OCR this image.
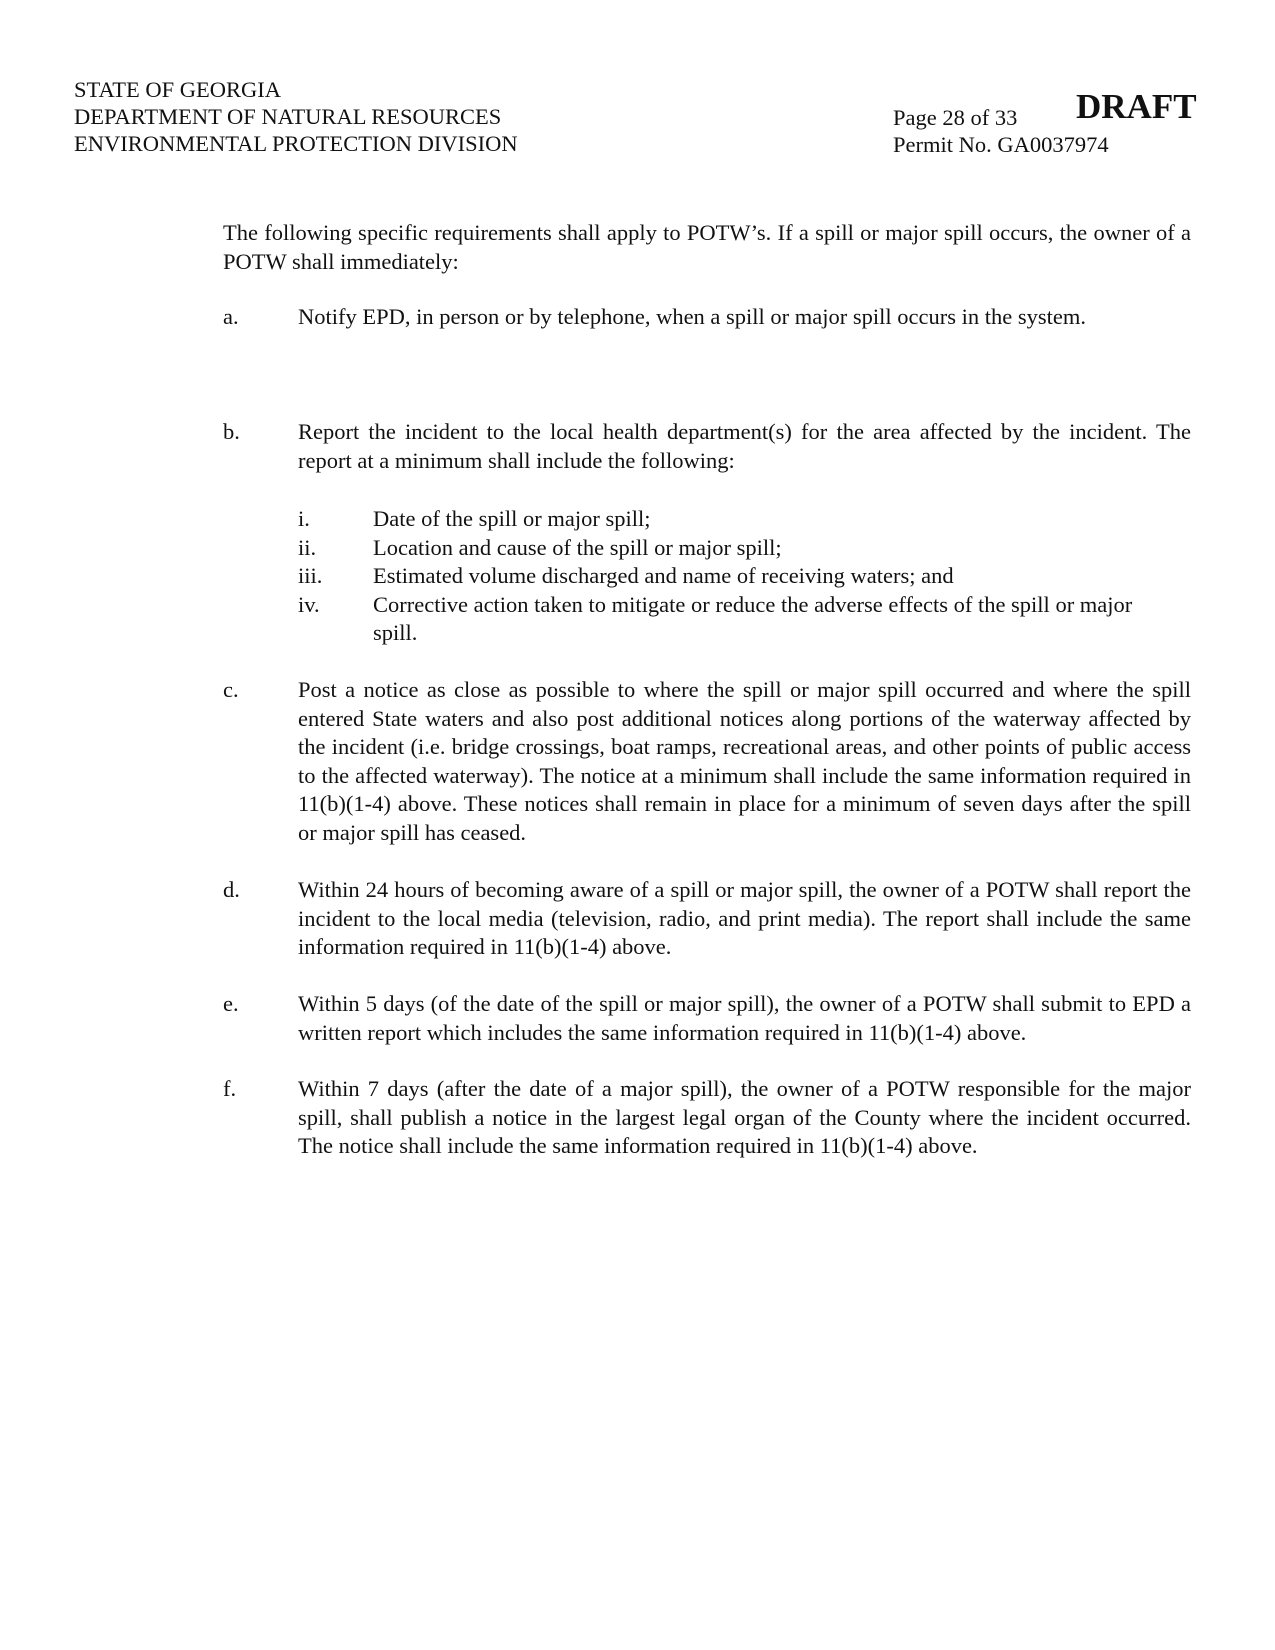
STATE OF GEORGIA
DEPARTMENT OF NATURAL RESOURCES
ENVIRONMENTAL PROTECTION DIVISION
Page 28 of 33
Permit No. GA0037974
DRAFT
The following specific requirements shall apply to POTW’s. If a spill or major spill occurs, the owner of a POTW shall immediately:
a.	Notify EPD, in person or by telephone, when a spill or major spill occurs in the system.
b.	Report the incident to the local health department(s) for the area affected by the incident. The report at a minimum shall include the following:
i.	Date of the spill or major spill;
ii.	Location and cause of the spill or major spill;
iii. Estimated volume discharged and name of receiving waters; and
iv. Corrective action taken to mitigate or reduce the adverse effects of the spill or major spill.
c.	Post a notice as close as possible to where the spill or major spill occurred and where the spill entered State waters and also post additional notices along portions of the waterway affected by the incident (i.e. bridge crossings, boat ramps, recreational areas, and other points of public access to the affected waterway). The notice at a minimum shall include the same information required in 11(b)(1-4) above. These notices shall remain in place for a minimum of seven days after the spill or major spill has ceased.
d.	Within 24 hours of becoming aware of a spill or major spill, the owner of a POTW shall report the incident to the local media (television, radio, and print media). The report shall include the same information required in 11(b)(1-4) above.
e.	Within 5 days (of the date of the spill or major spill), the owner of a POTW shall submit to EPD a written report which includes the same information required in 11(b)(1-4) above.
f.	Within 7 days (after the date of a major spill), the owner of a POTW responsible for the major spill, shall publish a notice in the largest legal organ of the County where the incident occurred. The notice shall include the same information required in 11(b)(1-4) above.
